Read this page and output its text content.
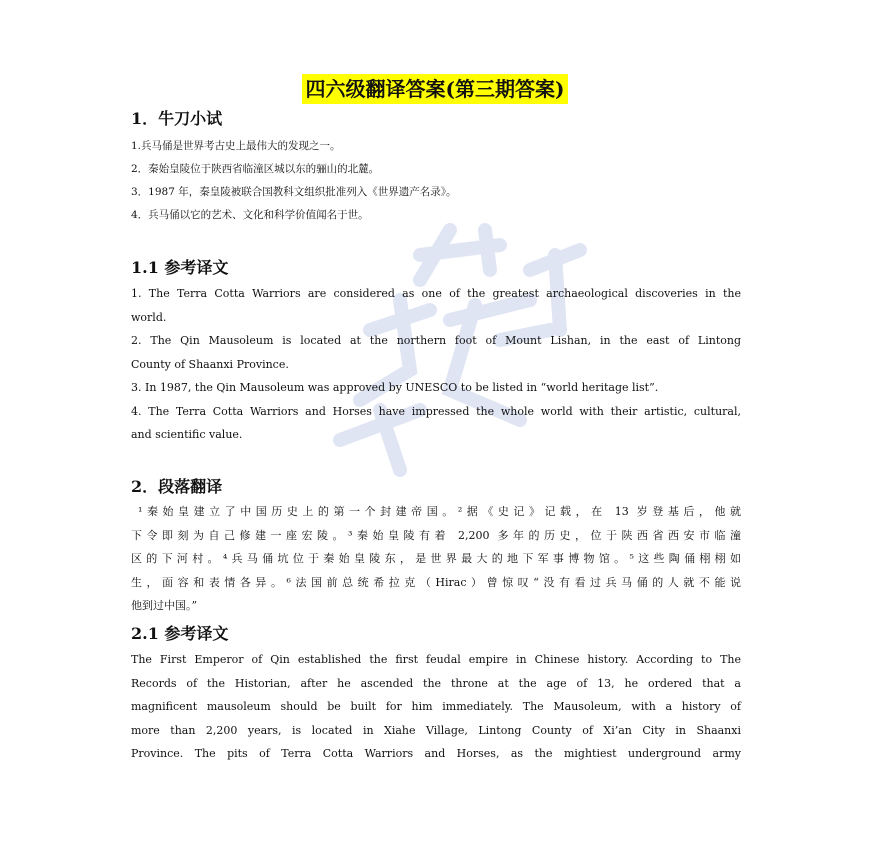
四六级翻译答案(第三期答案)
1．牛刀小试
1.兵马俑是世界考古史上最伟大的发现之一。
2．秦始皇陵位于陕西省临潼区城以东的骊山的北麓。
3．1987 年，秦皇陵被联合国教科文组织批准列入《世界遗产名录》。
4．兵马俑以它的艺术、文化和科学价值闻名于世。
1.1 参考译文
1. The Terra Cotta Warriors are considered as one of the greatest archaeological discoveries in the
world.
2. The Qin Mausoleum is located at the northern foot of Mount Lishan, in the east of Lintong
County of Shaanxi Province.
3. In 1987, the Qin Mausoleum was approved by UNESCO to be listed in “world heritage list”.
4. The Terra Cotta Warriors and Horses have impressed the whole world with their artistic, cultural,
and scientific value.
2．段落翻译
¹秦始皇建立了中国历史上的第一个封建帝国。²据《史记》记载，在 13 岁登基后，他就
下令即刻为自己修建一座宏陵。³秦始皇陵有着 2,200 多年的历史，位于陕西省西安市临潼
区的下河村。⁴兵马俑坑位于秦始皇陵东，是世界最大的地下军事博物馆。⁵这些陶俑栩栩如
生，面容和表情各异。⁶法国前总统希拉克（Hirac）曾惊叹“没有看过兵马俑的人就不能说
他到过中国。”
2.1 参考译文
The First Emperor of Qin established the first feudal empire in Chinese history. According to The
Records of the Historian, after he ascended the throne at the age of 13, he ordered that a
magnificent mausoleum should be built for him immediately. The Mausoleum, with a history of
more than 2,200 years, is located in Xiahe Village, Lintong County of Xi’an City in Shaanxi
Province. The pits of Terra Cotta Warriors and Horses, as the mightiest underground army
